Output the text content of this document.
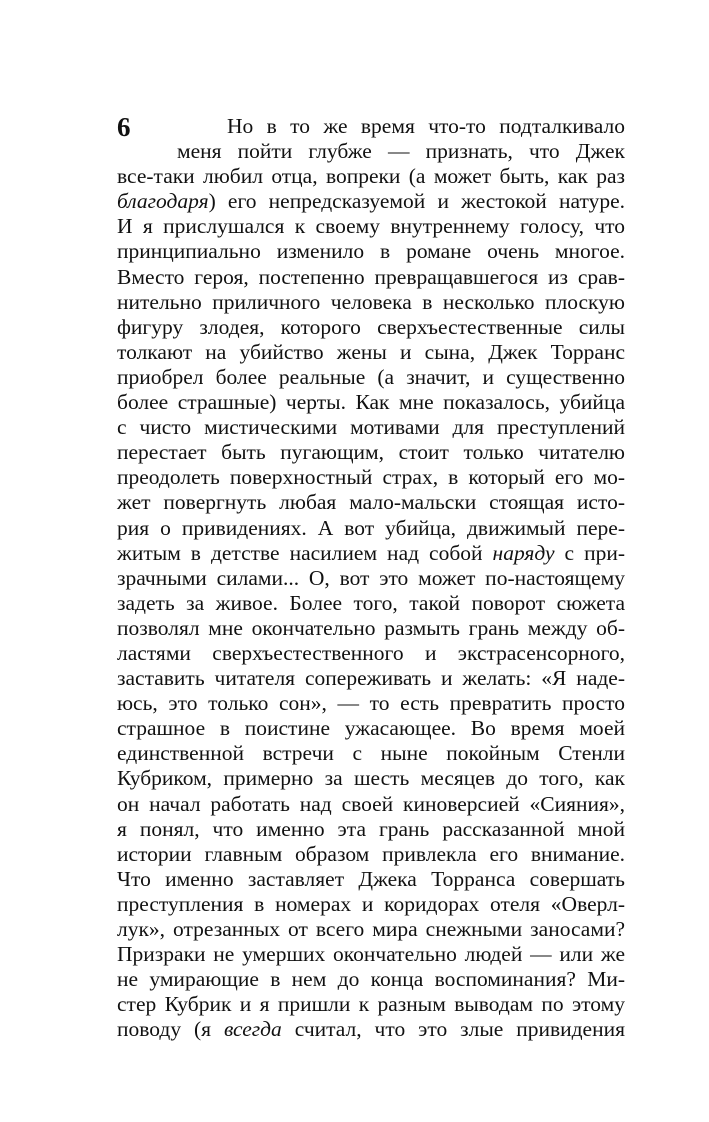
6	Но в то же время что-то подталкивало
меня пойти глубже — признать, что Джек
все-таки любил отца, вопреки (а может быть, как раз
благодаря) его непредсказуемой и жестокой натуре.
И я прислушался к своему внутреннему голосу, что
принципиально изменило в романе очень многое.
Вместо героя, постепенно превращавшегося из срав-
нительно приличного человека в несколько плоскую
фигуру злодея, которого сверхъестественные силы
толкают на убийство жены и сына, Джек Торранс
приобрел более реальные (а значит, и существенно
более страшные) черты. Как мне показалось, убийца
с чисто мистическими мотивами для преступлений
перестает быть пугающим, стоит только читателю
преодолеть поверхностный страх, в который его мо-
жет повергнуть любая мало-мальски стоящая исто-
рия о привидениях. А вот убийца, движимый пере-
житым в детстве насилием над собой наряду с при-
зрачными силами... О, вот это может по-настоящему
задеть за живое. Более того, такой поворот сюжета
позволял мне окончательно размыть грань между об-
ластями сверхъестественного и экстрасенсорного,
заставить читателя сопереживать и желать: «Я наде-
юсь, это только сон», — то есть превратить просто
страшное в поистине ужасающее. Во время моей
единственной встречи с ныне покойным Стенли
Кубриком, примерно за шесть месяцев до того, как
он начал работать над своей киноверсией «Сияния»,
я понял, что именно эта грань рассказанной мной
истории главным образом привлекла его внимание.
Что именно заставляет Джека Торранса совершать
преступления в номерах и коридорах отеля «Оверл-
лук», отрезанных от всего мира снежными заносами?
Призраки не умерших окончательно людей — или же
не умирающие в нем до конца воспоминания? Ми-
стер Кубрик и я пришли к разным выводам по этому
поводу (я всегда считал, что это злые привидения
